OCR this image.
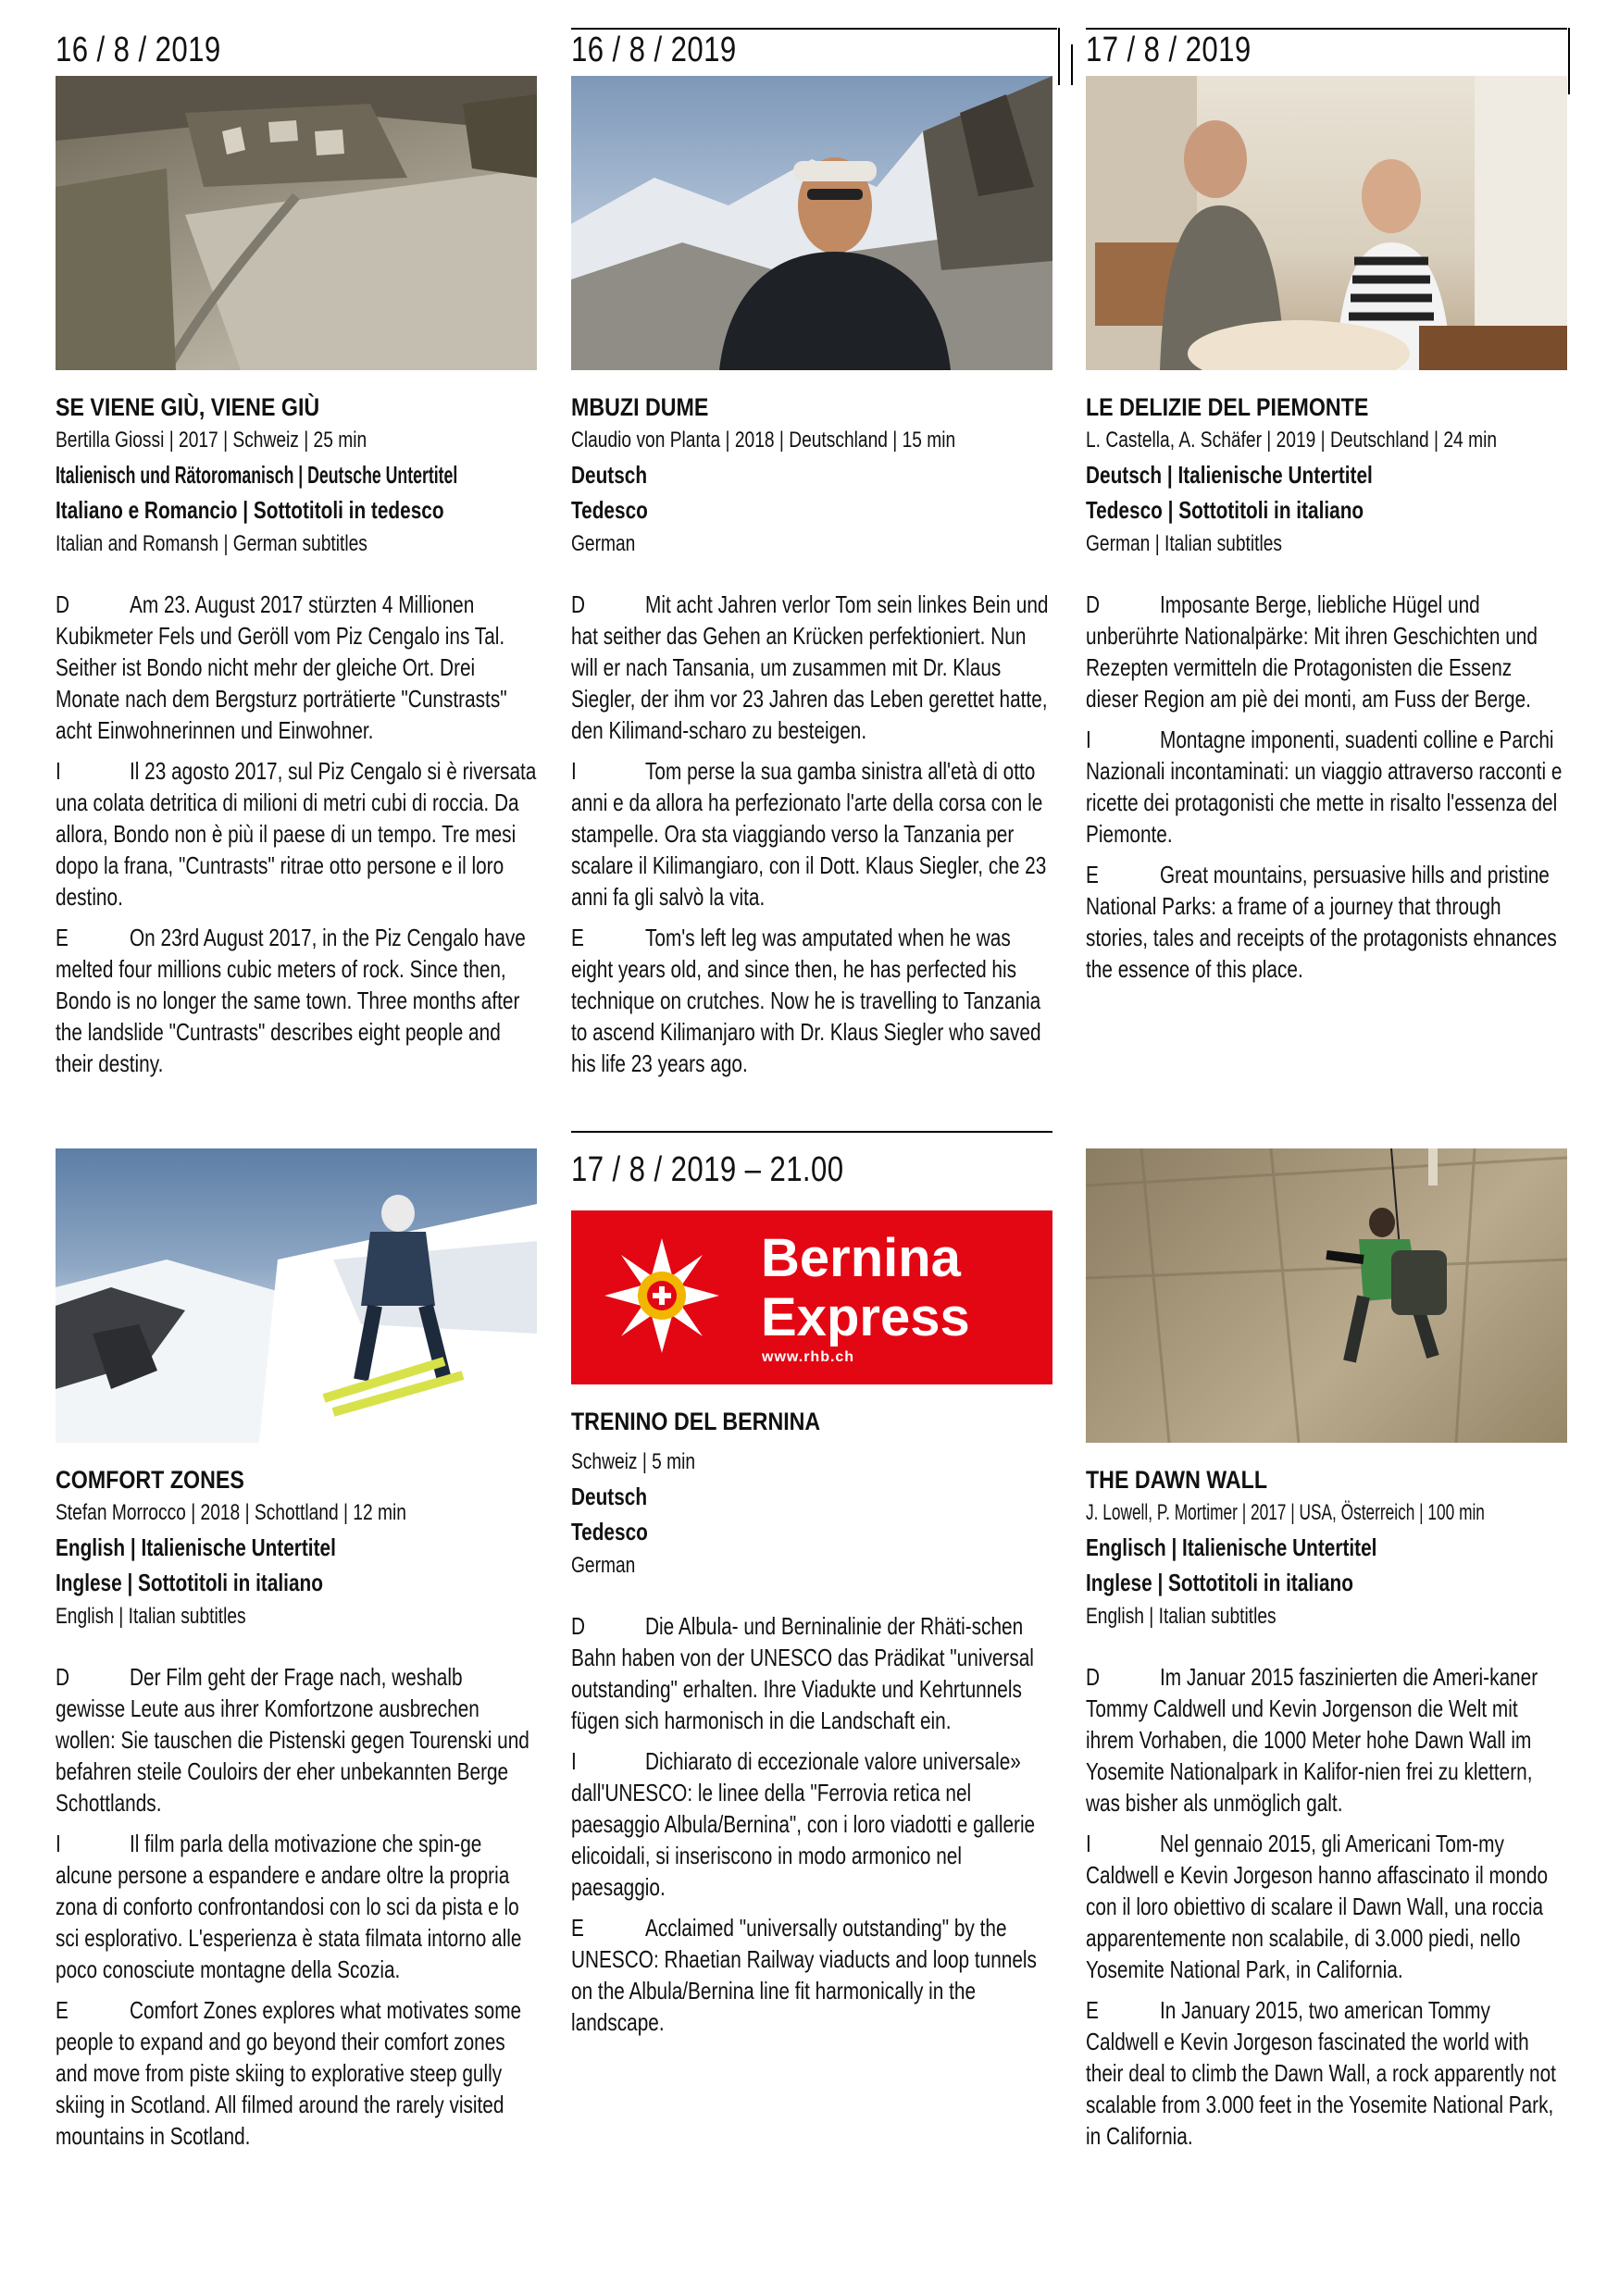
16 / 8 / 2019
SE VIENE GIÙ, VIENE GIÙ
Bertilla Giossi | 2017 | Schweiz | 25 min
Italienisch und Rätoromanisch | Deutsche Untertitel
Italiano e Romancio | Sottotitoli in tedesco
Italian and Romansh | German subtitles
D Am 23. August 2017 stürzten 4 Millionen Kubikmeter Fels und Geröll vom Piz Cengalo ins Tal. Seither ist Bondo nicht mehr der gleiche Ort. Drei Monate nach dem Bergsturz porträtierte "Cunstrasts" acht Einwohnerinnen und Einwohner.
I	Il 23 agosto 2017, sul Piz Cengalo si è riversata una colata detritica di milioni di metri cubi di roccia. Da allora, Bondo non è più il paese di un tempo. Tre mesi dopo la frana, "Cuntrasts" ritrae otto persone e il loro destino.
E	On 23rd August 2017, in the Piz Cengalo have melted four millions cubic meters of rock. Since then, Bondo is no longer the same town. Three months after the landslide "Cuntrasts" describes eight people and their destiny.
16 / 8 / 2019
MBUZI DUME
Claudio von Planta | 2018 | Deutschland | 15 min
Deutsch
Tedesco
German
D Mit acht Jahren verlor Tom sein linkes Bein und hat seither das Gehen an Krücken perfektioniert. Nun will er nach Tansania, um zusammen mit Dr. Klaus Siegler, der ihm vor 23 Jahren das Leben gerettet hatte, den Kilimand-scharo zu besteigen.
I	Tom perse la sua gamba sinistra all'età di otto anni e da allora ha perfezionato l'arte della corsa con le stampelle. Ora sta viaggiando verso la Tanzania per scalare il Kilimangiaro, con il Dott. Klaus Siegler, che 23 anni fa gli salvò la vita.
E	Tom's left leg was amputated when he was eight years old, and since then, he has perfected his technique on crutches. Now he is travelling to Tanzania to ascend Kilimanjaro with Dr. Klaus Siegler who saved his life 23 years ago.
17 / 8 / 2019
LE DELIZIE DEL PIEMONTE
L. Castella, A. Schäfer | 2019 | Deutschland | 24 min
Deutsch | Italienische Untertitel
Tedesco | Sottotitoli in italiano
German | Italian subtitles
D Imposante Berge, liebliche Hügel und unberührte Nationalpärke: Mit ihren Geschichten und Rezepten vermitteln die Protagonisten die Essenz dieser Region am piè dei monti, am Fuss der Berge.
I	Montagne imponenti, suadenti colline e Parchi Nazionali incontaminati: un viaggio attraverso racconti e ricette dei protagonisti che mette in risalto l'essenza del Piemonte.
E	Great mountains, persuasive hills and pristine National Parks: a frame of a journey that through stories, tales and receipts of the protagonists ehnances the essence of this place.
COMFORT ZONES
Stefan Morrocco | 2018 | Schottland | 12 min
English | Italienische Untertitel
Inglese | Sottotitoli in italiano
English | Italian subtitles
D Der Film geht der Frage nach, weshalb gewisse Leute aus ihrer Komfortzone ausbrechen wollen: Sie tauschen die Pistenski gegen Tourenski und befahren steile Couloirs der eher unbekannten Berge Schottlands.
I	Il film parla della motivazione che spin-ge alcune persone a espandere e andare oltre la propria zona di conforto confrontandosi con lo sci da pista e lo sci esplorativo. L'esperienza è stata filmata intorno alle poco conosciute montagne della Scozia.
E	Comfort Zones explores what motivates some people to expand and go beyond their comfort zones and move from piste skiing to explorative steep gully skiing in Scotland. All filmed around the rarely visited mountains in Scotland.
17 / 8 / 2019 – 21.00
Bernina
Express
www.rhb.ch
TRENINO DEL BERNINA
Schweiz | 5 min
Deutsch
Tedesco
German
D Die Albula- und Berninalinie der Rhäti-schen Bahn haben von der UNESCO das Prädikat "universal outstanding" erhalten. Ihre Viadukte und Kehrtunnels fügen sich harmonisch in die Landschaft ein.
I	Dichiarato di eccezionale valore universale» dall'UNESCO: le linee della "Ferrovia retica nel paesaggio Albula/Bernina", con i loro viadotti e gallerie elicoidali, si inseriscono in modo armonico nel paesaggio.
E	Acclaimed "universally outstanding" by the UNESCO: Rhaetian Railway viaducts and loop tunnels on the Albula/Bernina line fit harmonically in the landscape.
THE DAWN WALL
J. Lowell, P. Mortimer | 2017 | USA, Österreich | 100 min
Englisch | Italienische Untertitel
Inglese | Sottotitoli in italiano
English | Italian subtitles
D Im Januar 2015 faszinierten die Ameri-kaner Tommy Caldwell und Kevin Jorgenson die Welt mit ihrem Vorhaben, die 1000 Meter hohe Dawn Wall im Yosemite Nationalpark in Kalifor-nien frei zu klettern, was bisher als unmöglich galt.
I	Nel gennaio 2015, gli Americani Tom-my Caldwell e Kevin Jorgeson hanno affascinato il mondo con il loro obiettivo di scalare il Dawn Wall, una roccia apparentemente non scalabile, di 3.000 piedi, nello Yosemite National Park, in California.
E	In January 2015, two american Tommy Caldwell e Kevin Jorgeson fascinated the world with their deal to climb the Dawn Wall, a rock apparently not scalable from 3.000 feet in the Yosemite National Park, in California.
